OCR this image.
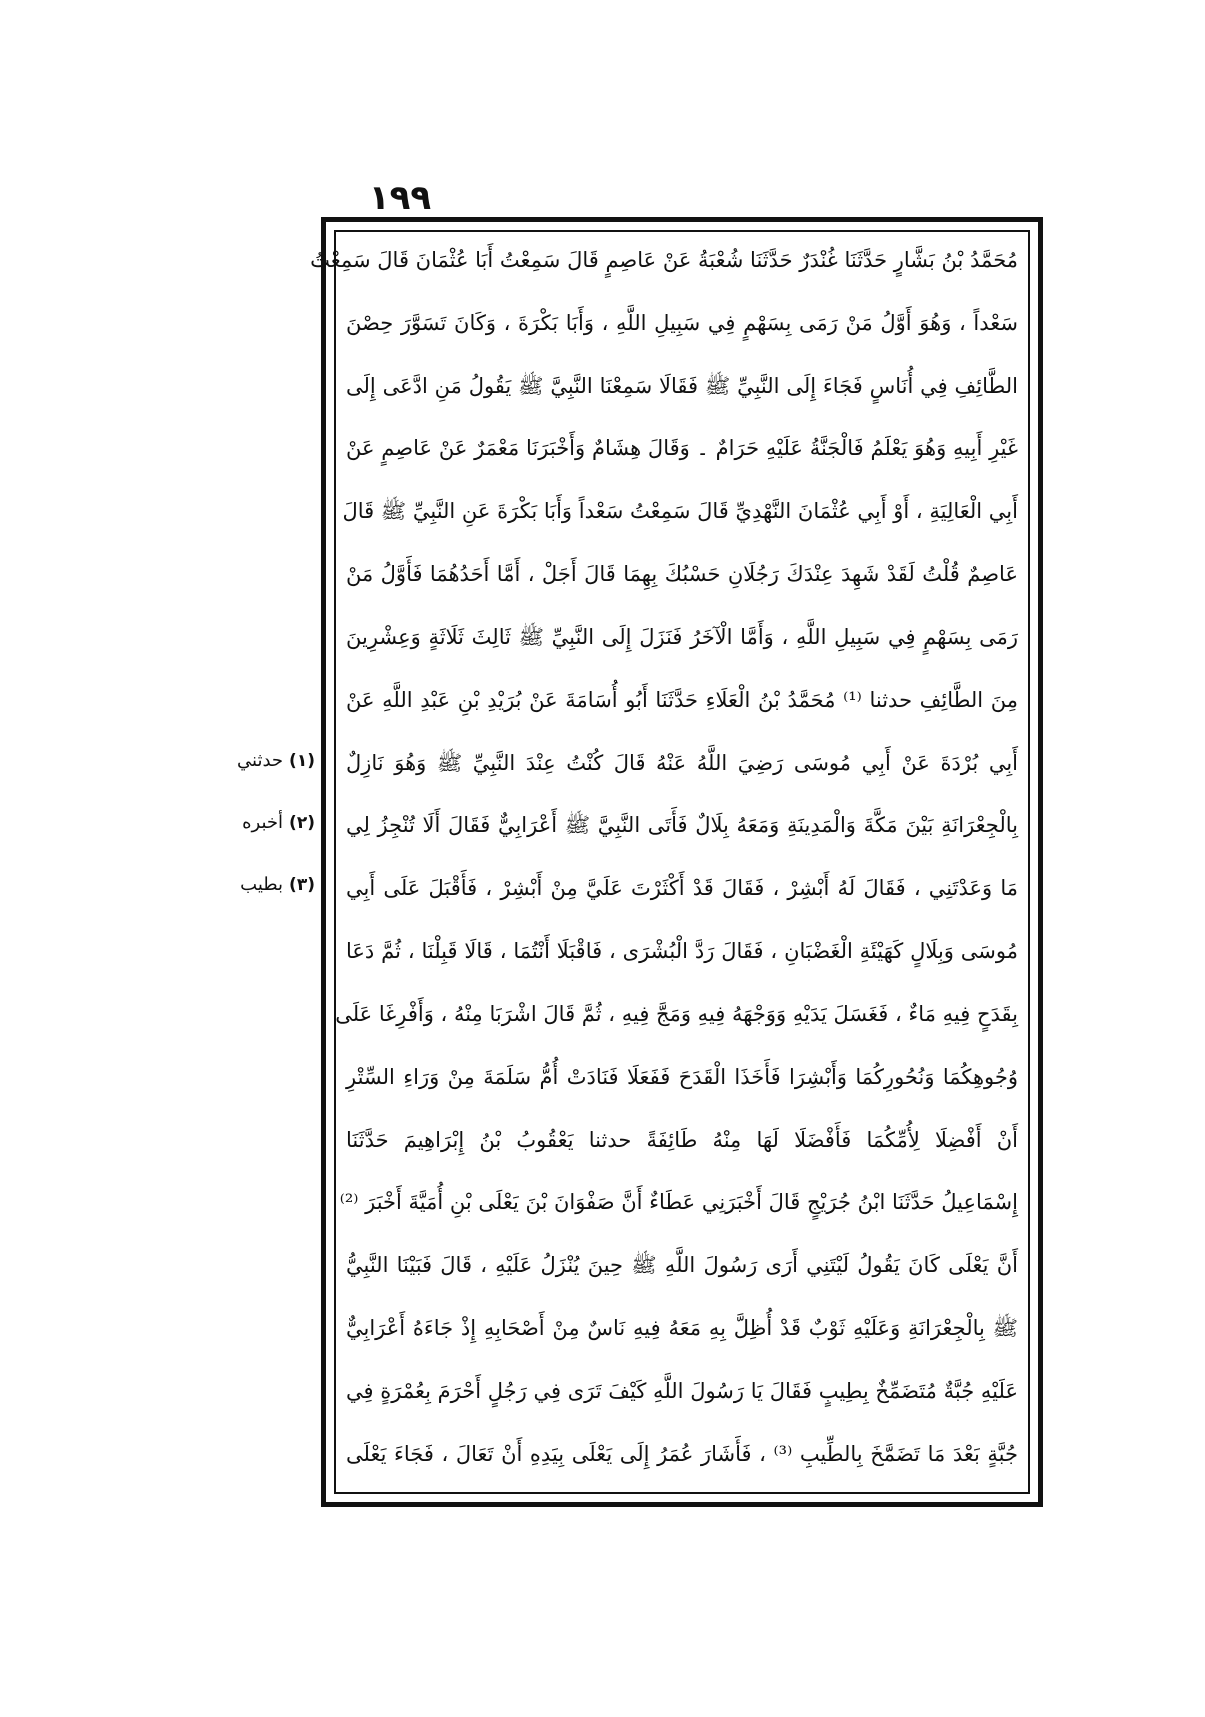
١٩٩
مُحَمَّدُ بْنُ بَشَّارٍ حَدَّثَنَا غُنْدَرٌ حَدَّثَنَا شُعْبَةُ عَنْ عَاصِمٍ قَالَ سَمِعْتُ أَبَا عُثْمَانَ قَالَ سَمِعْتُ
سَعْداً ، وَهُوَ أَوَّلُ مَنْ رَمَى بِسَهْمٍ فِي سَبِيلِ اللَّهِ ، وَأَبَا بَكْرَةَ ، وَكَانَ تَسَوَّرَ حِصْنَ
الطَّائِفِ فِي أُنَاسٍ فَجَاءَ إِلَى النَّبِيِّ ﷺ فَقَالَا سَمِعْنَا النَّبِيَّ ﷺ يَقُولُ مَنِ ادَّعَى إِلَى
غَيْرِ أَبِيهِ وَهُوَ يَعْلَمُ فَالْجَنَّةُ عَلَيْهِ حَرَامٌ ۔ وَقَالَ هِشَامٌ وَأَخْبَرَنَا مَعْمَرٌ عَنْ عَاصِمٍ عَنْ
أَبِي الْعَالِيَةِ ، أَوْ أَبِي عُثْمَانَ النَّهْدِيِّ قَالَ سَمِعْتُ سَعْداً وَأَبَا بَكْرَةَ عَنِ النَّبِيِّ ﷺ قَالَ
عَاصِمٌ قُلْتُ لَقَدْ شَهِدَ عِنْدَكَ رَجُلَانِ حَسْبُكَ بِهِمَا قَالَ أَجَلْ ، أَمَّا أَحَدُهُمَا فَأَوَّلُ مَنْ
رَمَى بِسَهْمٍ فِي سَبِيلِ اللَّهِ ، وَأَمَّا الْآخَرُ فَنَزَلَ إِلَى النَّبِيِّ ﷺ ثَالِثَ ثَلَاثَةٍ وَعِشْرِينَ
مِنَ الطَّائِفِ حدثنا ⁽¹⁾ مُحَمَّدُ بْنُ الْعَلَاءِ حَدَّثَنَا أَبُو أُسَامَةَ عَنْ بُرَيْدِ بْنِ عَبْدِ اللَّهِ عَنْ
أَبِي بُرْدَةَ عَنْ أَبِي مُوسَى رَضِيَ اللَّهُ عَنْهُ قَالَ كُنْتُ عِنْدَ النَّبِيِّ ﷺ وَهُوَ نَازِلٌ
بِالْجِعْرَانَةِ بَيْنَ مَكَّةَ وَالْمَدِينَةِ وَمَعَهُ بِلَالٌ فَأَتَى النَّبِيَّ ﷺ أَعْرَابِيٌّ فَقَالَ أَلَا تُنْجِزُ لِي
مَا وَعَدْتَنِي ، فَقَالَ لَهُ أَبْشِرْ ، فَقَالَ قَدْ أَكْثَرْتَ عَلَيَّ مِنْ أَبْشِرْ ، فَأَقْبَلَ عَلَى أَبِي
مُوسَى وَبِلَالٍ كَهَيْئَةِ الْغَضْبَانِ ، فَقَالَ رَدَّ الْبُشْرَى ، فَاقْبَلَا أَنْتُمَا ، قَالَا قَبِلْنَا ، ثُمَّ دَعَا
بِقَدَحٍ فِيهِ مَاءٌ ، فَغَسَلَ يَدَيْهِ وَوَجْهَهُ فِيهِ وَمَجَّ فِيهِ ، ثُمَّ قَالَ اشْرَبَا مِنْهُ ، وَأَفْرِغَا عَلَى
وُجُوهِكُمَا وَنُحُورِكُمَا وَأَبْشِرَا فَأَخَذَا الْقَدَحَ فَفَعَلَا فَنَادَتْ أُمُّ سَلَمَةَ مِنْ وَرَاءِ السِّتْرِ
أَنْ أَفْضِلَا لِأُمِّكُمَا فَأَفْضَلَا لَهَا مِنْهُ طَائِفَةً حدثنا يَعْقُوبُ بْنُ إِبْرَاهِيمَ حَدَّثَنَا
إِسْمَاعِيلُ حَدَّثَنَا ابْنُ جُرَيْجٍ قَالَ أَخْبَرَنِي عَطَاءٌ أَنَّ صَفْوَانَ بْنَ يَعْلَى بْنِ أُمَيَّةَ أَخْبَرَ ⁽²⁾
أَنَّ يَعْلَى كَانَ يَقُولُ لَيْتَنِي أَرَى رَسُولَ اللَّهِ ﷺ حِينَ يُنْزَلُ عَلَيْهِ ، قَالَ فَبَيْنَا النَّبِيُّ
ﷺ بِالْجِعْرَانَةِ وَعَلَيْهِ ثَوْبٌ قَدْ أُظِلَّ بِهِ مَعَهُ فِيهِ نَاسٌ مِنْ أَصْحَابِهِ إِذْ جَاءَهُ أَعْرَابِيٌّ
عَلَيْهِ جُبَّةٌ مُتَضَمِّخٌ بِطِيبٍ فَقَالَ يَا رَسُولَ اللَّهِ كَيْفَ تَرَى فِي رَجُلٍ أَحْرَمَ بِعُمْرَةٍ فِي
جُبَّةٍ بَعْدَ مَا تَضَمَّخَ بِالطِّيبِ ⁽³⁾ ، فَأَشَارَ عُمَرُ إِلَى يَعْلَى بِيَدِهِ أَنْ تَعَالَ ، فَجَاءَ يَعْلَى
(١)حدثني
(٢)أخبره
(٣)بطيب
